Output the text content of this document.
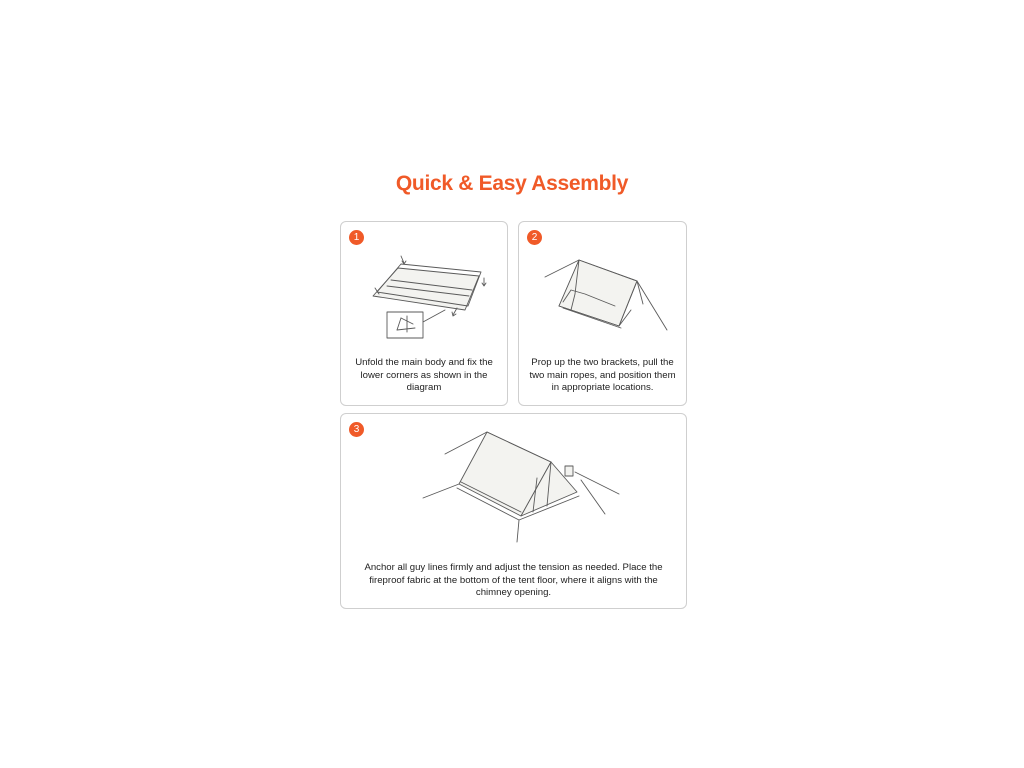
Quick & Easy Assembly
1
Unfold the main body and fix the lower corners as shown in the diagram
2
Prop up the two brackets, pull the two main ropes, and position them in appropriate locations.
3
Anchor all guy lines firmly and adjust the tension as needed. Place the fireproof fabric at the bottom of the tent floor, where it aligns with the chimney opening.
